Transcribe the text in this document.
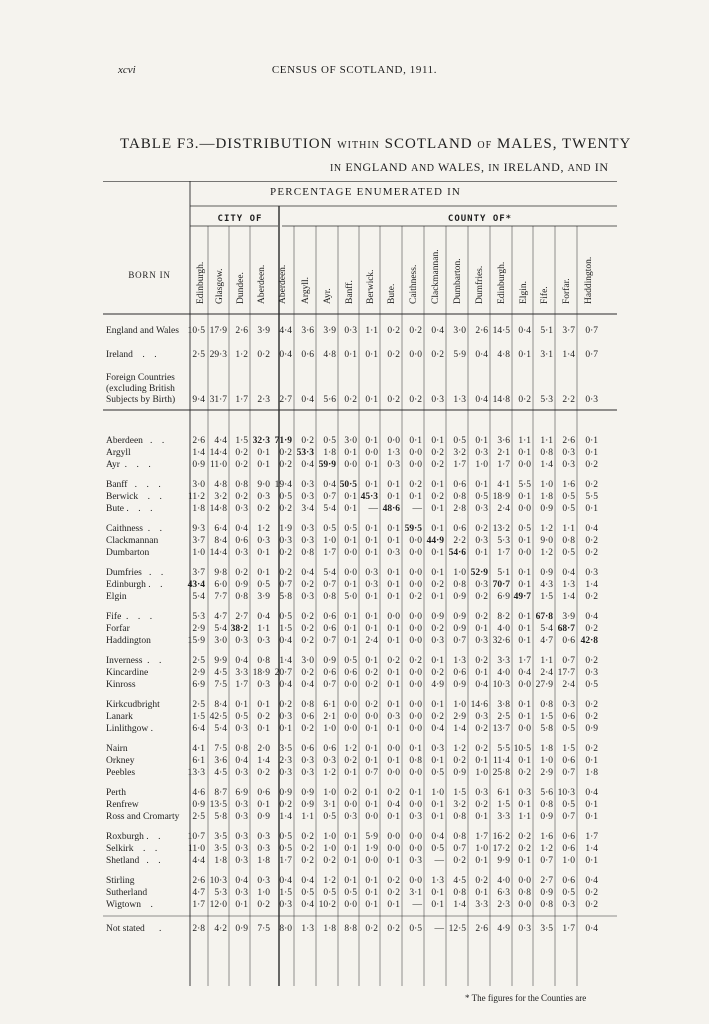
xcvi	CENSUS OF SCOTLAND, 1911.
TABLE F3.—DISTRIBUTION WITHIN SCOTLAND OF MALES, TWENTY
IN ENGLAND AND WALES, IN IRELAND, AND IN
PERCENTAGE ENUMERATED IN
CITY OF	COUNTY OF*
BORN IN	Edinburgh. Glasgow. Dundee. Aberdeen. Aberdeen. Argyll. Ayr. Banff. Berwick. Bute. Caithness. Clackmannan. Dumbarton. Dumfries. Edinburgh. Elgin. Fife. Forfar. Haddington.
England and Wales 10·5 17·9 2·6 3·9 4·4 3·6 3·9 0·3 1·1 0·2 0·2 0·4 3·0 2·6 14·5 0·4 5·1 3·7	0·7
Ireland    .    .	2·5 29·3 1·2 0·2 0·4 0·6 4·8 0·1 0·1 0·2 0·0 0·2 5·9 0·4 4·8 0·1 3·1 1·4	0·7
Foreign Countries
(excluding British
Subjects by Birth)	9·4 31·7 1·7 2·3 2·7 0·4 5·6 0·2 0·1 0·2 0·2 0·3 1·3 0·4 14·8 0·2 5·3 2·2	0·3
Aberdeen   .    .	2·6 4·4 1·5 32·3 71·9 0·2 0·5 3·0 0·1 0·0 0·1 0·1 0·5 0·1 3·6 1·1 1·1 2·6	0·1
Argyll	1·4 14·4 0·2 0·1 0·2 53·3 1·8 0·1 0·0 1·3 0·0 0·2 3·2 0·3 2·1 0·1 0·8 0·3	0·1
Ayr  .    .    .	0·9 11·0 0·2 0·1 0·2 0·4 59·9 0·0 0·1 0·3 0·0 0·2 1·7 1·0 1·7 0·0 1·4 0·3	0·2
Banff   .    .    .	3·0 4·8 0·8 9·0 19·4 0·3 0·4 50·5 0·1 0·1 0·2 0·1 0·6 0·1 4·1 5·5 1·0 1·6	0·2
Berwick    .    .	11·2 3·2 0·2 0·3 0·5 0·3 0·7 0·1 45·3 0·1 0·1 0·2 0·8 0·5 18·9 0·1 1·8 0·5	5·5
Bute .    .    .	1·8 14·8 0·3 0·2 0·2 3·4 5·4 0·1	— 48·6	— 0·1 2·8 0·3 2·4 0·0 0·9 0·5	0·1
Caithness  .    .	9·3 6·4 0·4 1·2 1·9 0·3 0·5 0·5 0·1 0·1 59·5 0·1 0·6 0·2 13·2 0·5 1·2 1·1	0·4
Clackmannan	3·7 8·4 0·6 0·3 0·3 0·3 1·0 0·1 0·1 0·1 0·0 44·9 2·2 0·3 5·3 0·1 9·0 0·8	0·2
Dumbarton	1·0 14·4 0·3 0·1 0·2 0·8 1·7 0·0 0·1 0·3 0·0 0·1 54·6 0·1 1·7 0·0 1·2 0·5	0·2
Dumfries   .    .	3·7 9·8 0·2 0·1 0·2 0·4 5·4 0·0 0·3 0·1 0·0 0·1 1·0 52·9 5·1 0·1 0·9 0·4	0·3
Edinburgh .    .	43·4 6·0 0·9 0·5 0·7 0·2 0·7 0·1 0·3 0·1 0·0 0·2 0·8 0·3 70·7 0·1 4·3 1·3	1·4
Elgin	5·4 7·7 0·8 3·9 5·8 0·3 0·8 5·0 0·1 0·1 0·2 0·1 0·9 0·2 6·9 49·7 1·5 1·4	0·2
Fife  .    .    .	5·3 4·7 2·7 0·4 0·5 0·2 0·6 0·1 0·1 0·0 0·0 0·9 0·9 0·2 8·2 0·1 67·8 3·9	0·4
Forfar	2·9 5·4 38·2 1·1 1·5 0·2 0·6 0·1 0·1 0·1 0·0 0·2 0·9 0·1 4·0 0·1 5·4 68·7	0·2
Haddington	15·9 3·0 0·3 0·3 0·4 0·2 0·7 0·1 2·4 0·1 0·0 0·3 0·7 0·3 32·6 0·1 4·7 0·6 42·8
Inverness  .    .	2·5 9·9 0·4 0·8 1·4 3·0 0·9 0·5 0·1 0·2 0·2 0·1 1·3 0·2 3·3 1·7 1·1 0·7	0·2
Kincardine	2·9 4·5 3·3 18·9 20·7 0·2 0·6 0·6 0·2 0·1 0·0 0·2 0·6 0·1 4·0 0·4 2·4 17·7	0·3
Kinross	6·9 7·5 1·7 0·3 0·4 0·4 0·7 0·0 0·2 0·1 0·0 4·9 0·9 0·4 10·3 0·0 27·9 2·4	0·5
Kirkcudbright	2·5 8·4 0·1 0·1 0·2 0·8 6·1 0·0 0·2 0·1 0·0 0·1 1·0 14·6 3·8 0·1 0·8 0·3	0·2
Lanark	1·5 42·5 0·5 0·2 0·3 0·6 2·1 0·0 0·0 0·3 0·0 0·2 2·9 0·3 2·5 0·1 1·5 0·6	0·2
Linlithgow .	6·4 5·4 0·3 0·1 0·1 0·2 1·0 0·0 0·1 0·1 0·0 0·4 1·4 0·2 13·7 0·0 5·8 0·5	0·9
Nairn	4·1 7·5 0·8 2·0 3·5 0·6 0·6 1·2 0·1 0·0 0·1 0·3 1·2 0·2 5·5 10·5 1·8 1·5	0·2
Orkney	6·1 3·6 0·4 1·4 2·3 0·3 0·3 0·2 0·1 0·1 0·8 0·1 0·2 0·1 11·4 0·1 1·0 0·6	0·1
Peebles	13·3 4·5 0·3 0·2 0·3 0·3 1·2 0·1 0·7 0·0 0·0 0·5 0·9 1·0 25·8 0·2 2·9 0·7	1·8
Perth	4·6 8·7 6·9 0·6 0·9 0·9 1·0 0·2 0·1 0·2 0·1 1·0 1·5 0·3 6·1 0·3 5·6 10·3	0·4
Renfrew	0·9 13·5 0·3 0·1 0·2 0·9 3·1 0·0 0·1 0·4 0·0 0·1 3·2 0·2 1·5 0·1 0·8 0·5	0·1
Ross and Cromarty	2·5 5·8 0·3 0·9 1·4 1·1 0·5 0·3 0·0 0·1 0·3 0·1 0·8 0·1 3·3 1·1 0·9 0·7	0·1
Roxburgh .    .	10·7 3·5 0·3 0·3 0·5 0·2 1·0 0·1 5·9 0·0 0·0 0·4 0·8 1·7 16·2 0·2 1·6 0·6	1·7
Selkirk    .    .	11·0 3·5 0·3 0·3 0·5 0·2 1·0 0·1 1·9 0·0 0·0 0·5 0·7 1·0 17·2 0·2 1·2 0·6	1·4
Shetland   .    .	4·4 1·8 0·3 1·8 1·7 0·2 0·2 0·1 0·0 0·1 0·3	— 0·2 0·1 9·9 0·1 0·7 1·0	0·1
Stirling	2·6 10·3 0·4 0·3 0·4 0·4 1·2 0·1 0·1 0·2 0·0 1·3 4·5 0·2 4·0 0·0 2·7 0·6	0·4
Sutherland	4·7 5·3 0·3 1·0 1·5 0·5 0·5 0·5 0·1 0·2 3·1 0·1 0·8 0·1 6·3 0·8 0·9 0·5	0·2
Wigtown    .	1·7 12·0 0·1 0·2 0·3 0·4 10·2 0·0 0·1 0·1	— 0·1 1·4 3·3 2·3 0·0 0·8 0·3	0·2
Not stated      .	2·8 4·2 0·9 7·5 8·0 1·3 1·8 8·8 0·2 0·2 0·5	— 12·5 2·6 4·9 0·3 3·5 1·7	0·4
* The figures for the Counties are
